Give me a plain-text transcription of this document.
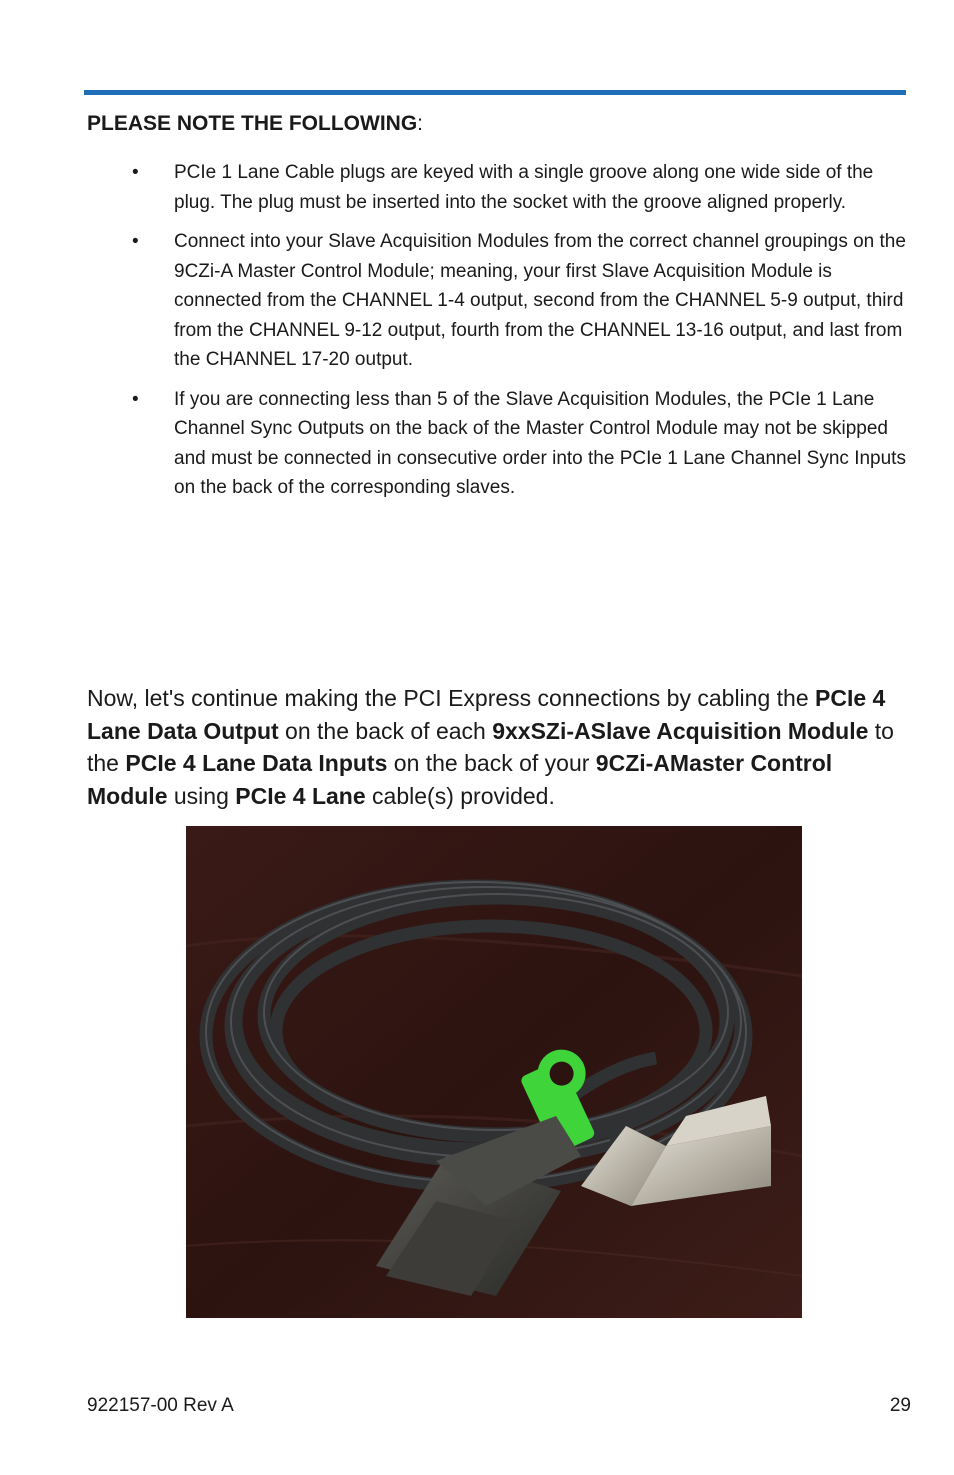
PLEASE NOTE THE FOLLOWING:
• PCIe 1 Lane Cable plugs are keyed with a single groove along one wide side of the plug. The plug must be inserted into the socket with the groove aligned properly.
• Connect into your Slave Acquisition Modules from the correct channel groupings on the 9CZi-A Master Control Module; meaning, your first Slave Acquisition Module is connected from the CHANNEL 1-4 output, second from the CHANNEL 5-9 output, third from the CHANNEL 9-12 output, fourth from the CHANNEL 13-16 output, and last from the CHANNEL 17-20 output.
• If you are connecting less than 5 of the Slave Acquisition Modules, the PCIe 1 Lane Channel Sync Outputs on the back of the Master Control Module may not be skipped and must be connected in consecutive order into the PCIe 1 Lane Channel Sync Inputs on the back of the corresponding slaves.
Now, let's continue making the PCI Express connections by cabling the PCIe 4 Lane Data Output on the back of each 9xxSZi-ASlave Acquisition Module to the PCIe 4 Lane Data Inputs on the back of your 9CZi-AMaster Control Module using PCIe 4 Lane cable(s) provided.
922157-00 Rev A	29
